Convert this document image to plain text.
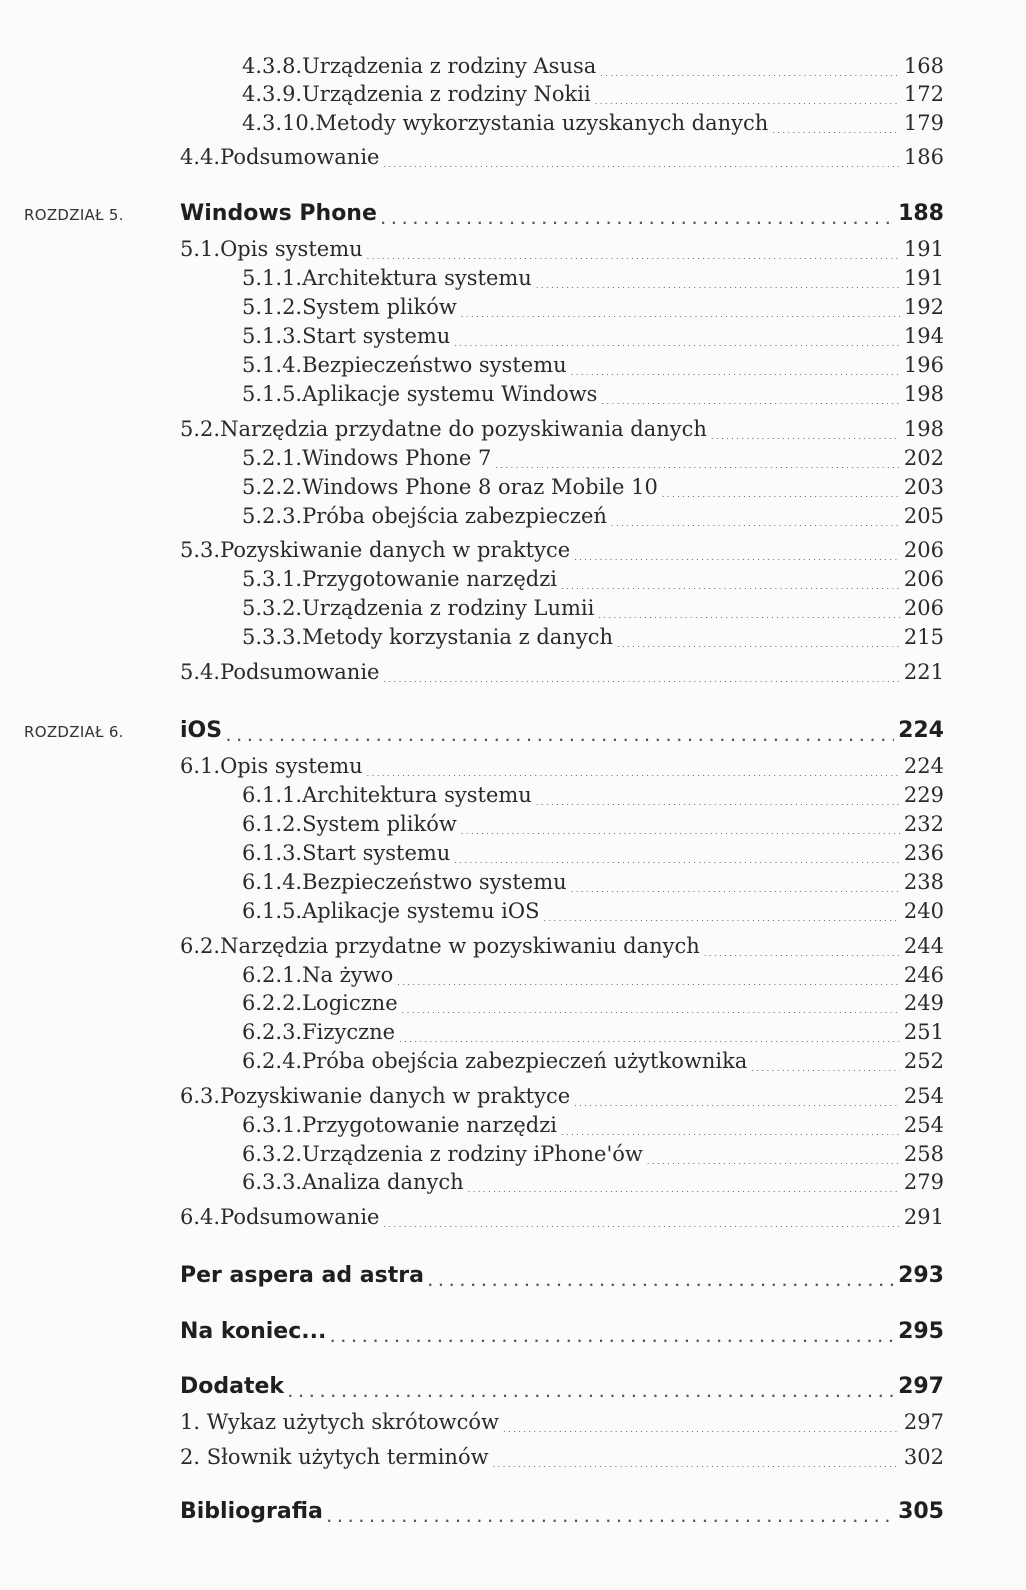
4.3.8. Urządzenia z rodziny Asusa . . .	168
4.3.9. Urządzenia z rodziny Nokii . . .	172
4.3.10. Metody wykorzystania uzyskanych danych . . .	179
4.4. Podsumowanie . . .	186
ROZDZIAŁ 5.	Windows Phone . . .	188
5.1. Opis systemu . . .	191
5.1.1. Architektura systemu . . .	191
5.1.2. System plików . . .	192
5.1.3. Start systemu . . .	194
5.1.4. Bezpieczeństwo systemu . . .	196
5.1.5. Aplikacje systemu Windows . . .	198
5.2. Narzędzia przydatne do pozyskiwania danych . . .	198
5.2.1. Windows Phone 7 . . .	202
5.2.2. Windows Phone 8 oraz Mobile 10 . . .	203
5.2.3. Próba obejścia zabezpieczeń . . .	205
5.3. Pozyskiwanie danych w praktyce . . .	206
5.3.1. Przygotowanie narzędzi . . .	206
5.3.2. Urządzenia z rodziny Lumii . . .	206
5.3.3. Metody korzystania z danych . . .	215
5.4. Podsumowanie . . .	221
ROZDZIAŁ 6.	iOS . . .	224
6.1. Opis systemu . . .	224
6.1.1. Architektura systemu . . .	229
6.1.2. System plików . . .	232
6.1.3. Start systemu . . .	236
6.1.4. Bezpieczeństwo systemu . . .	238
6.1.5. Aplikacje systemu iOS . . .	240
6.2. Narzędzia przydatne w pozyskiwaniu danych . . .	244
6.2.1. Na żywo . . .	246
6.2.2. Logiczne . . .	249
6.2.3. Fizyczne . . .	251
6.2.4. Próba obejścia zabezpieczeń użytkownika . . .	252
6.3. Pozyskiwanie danych w praktyce . . .	254
6.3.1. Przygotowanie narzędzi . . .	254
6.3.2. Urządzenia z rodziny iPhone'ów . . .	258
6.3.3. Analiza danych . . .	279
6.4. Podsumowanie . . .	291
Per aspera ad astra . . .	293
Na koniec... . . .	295
Dodatek . . .	297
1. Wykaz użytych skrótowców . . .	297
2. Słownik użytych terminów . . .	302
Bibliografia . . .	305
